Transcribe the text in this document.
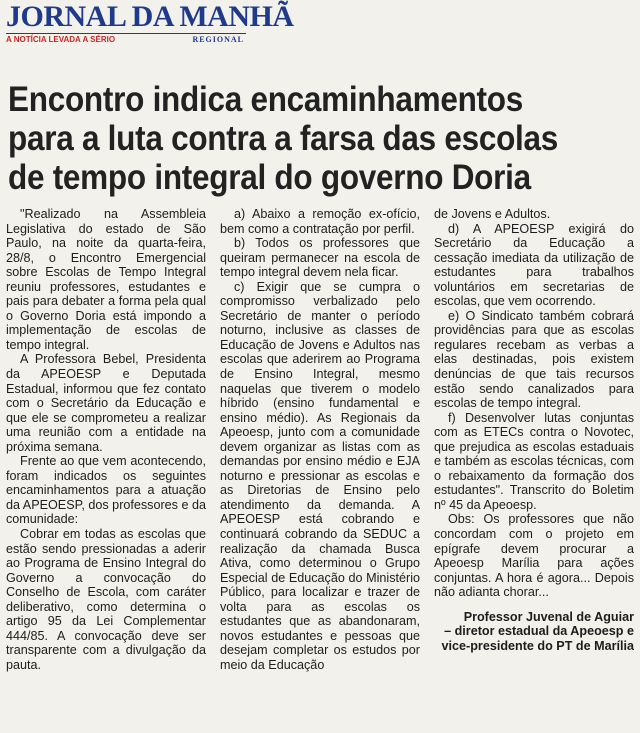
JORNAL DA MANHÃ
A NOTÍCIA LEVADA A SÉRIO	REGIONAL
Encontro indica encaminhamentos
para a luta contra a farsa das escolas
de tempo integral do governo Doria

"Realizado na Assembleia Legislativa do estado de São Paulo, na noite da quarta-feira, 28/8, o Encontro Emergencial sobre Escolas de Tempo Integral reuniu professores, estudantes e pais para debater a forma pela qual o Governo Doria está impondo a implementação de escolas de tempo integral.

A Professora Bebel, Presidenta da APEOESP e Deputada Estadual, informou que fez contato com o Secretário da Educação e que ele se comprometeu a realizar uma reunião com a entidade na próxima semana.

Frente ao que vem acontecendo, foram indicados os seguintes encaminhamentos para a atuação da APEOESP, dos professores e da comunidade:

Cobrar em todas as escolas que estão sendo pressionadas a aderir ao Programa de Ensino Integral do Governo a convocação do Conselho de Escola, com caráter deliberativo, como determina o artigo 95 da Lei Complementar 444/85. A convocação deve ser transparente com a divulgação da pauta.

a) Abaixo a remoção ex-ofício, bem como a contratação por perfil.

b) Todos os professores que queiram permanecer na escola de tempo integral devem nela ficar.

c) Exigir que se cumpra o compromisso verbalizado pelo Secretário de manter o período noturno, inclusive as classes de Educação de Jovens e Adultos nas escolas que aderirem ao Programa de Ensino Integral, mesmo naquelas que tiverem o modelo híbrido (ensino fundamental e ensino médio). As Regionais da Apeoesp, junto com a comunidade devem organizar as listas com as demandas por ensino médio e EJA noturno e pressionar as escolas e as Diretorias de Ensino pelo atendimento da demanda. A APEOESP está cobrando e continuará cobrando da SEDUC a realização da chamada Busca Ativa, como determinou o Grupo Especial de Educação do Ministério Público, para localizar e trazer de volta para as escolas os estudantes que as abandonaram, novos estudantes e pessoas que desejam completar os estudos por meio da Educação

de Jovens e Adultos.

d) A APEOESP exigirá do Secretário da Educação a cessação imediata da utilização de estudantes para trabalhos voluntários em secretarias de escolas, que vem ocorrendo.

e) O Sindicato também cobrará providências para que as escolas regulares recebam as verbas a elas destinadas, pois existem denúncias de que tais recursos estão sendo canalizados para escolas de tempo integral.

f) Desenvolver lutas conjuntas com as ETECs contra o Novotec, que prejudica as escolas estaduais e também as escolas técnicas, com o rebaixamento da formação dos estudantes". Transcrito do Boletim nº 45 da Apeoesp.

Obs: Os professores que não concordam com o projeto em epígrafe devem procurar a Apeoesp Marília para ações conjuntas. A hora é agora... Depois não adianta chorar...

Professor Juvenal de Aguiar
– diretor estadual da Apeoesp e
vice-presidente do PT de Marília
